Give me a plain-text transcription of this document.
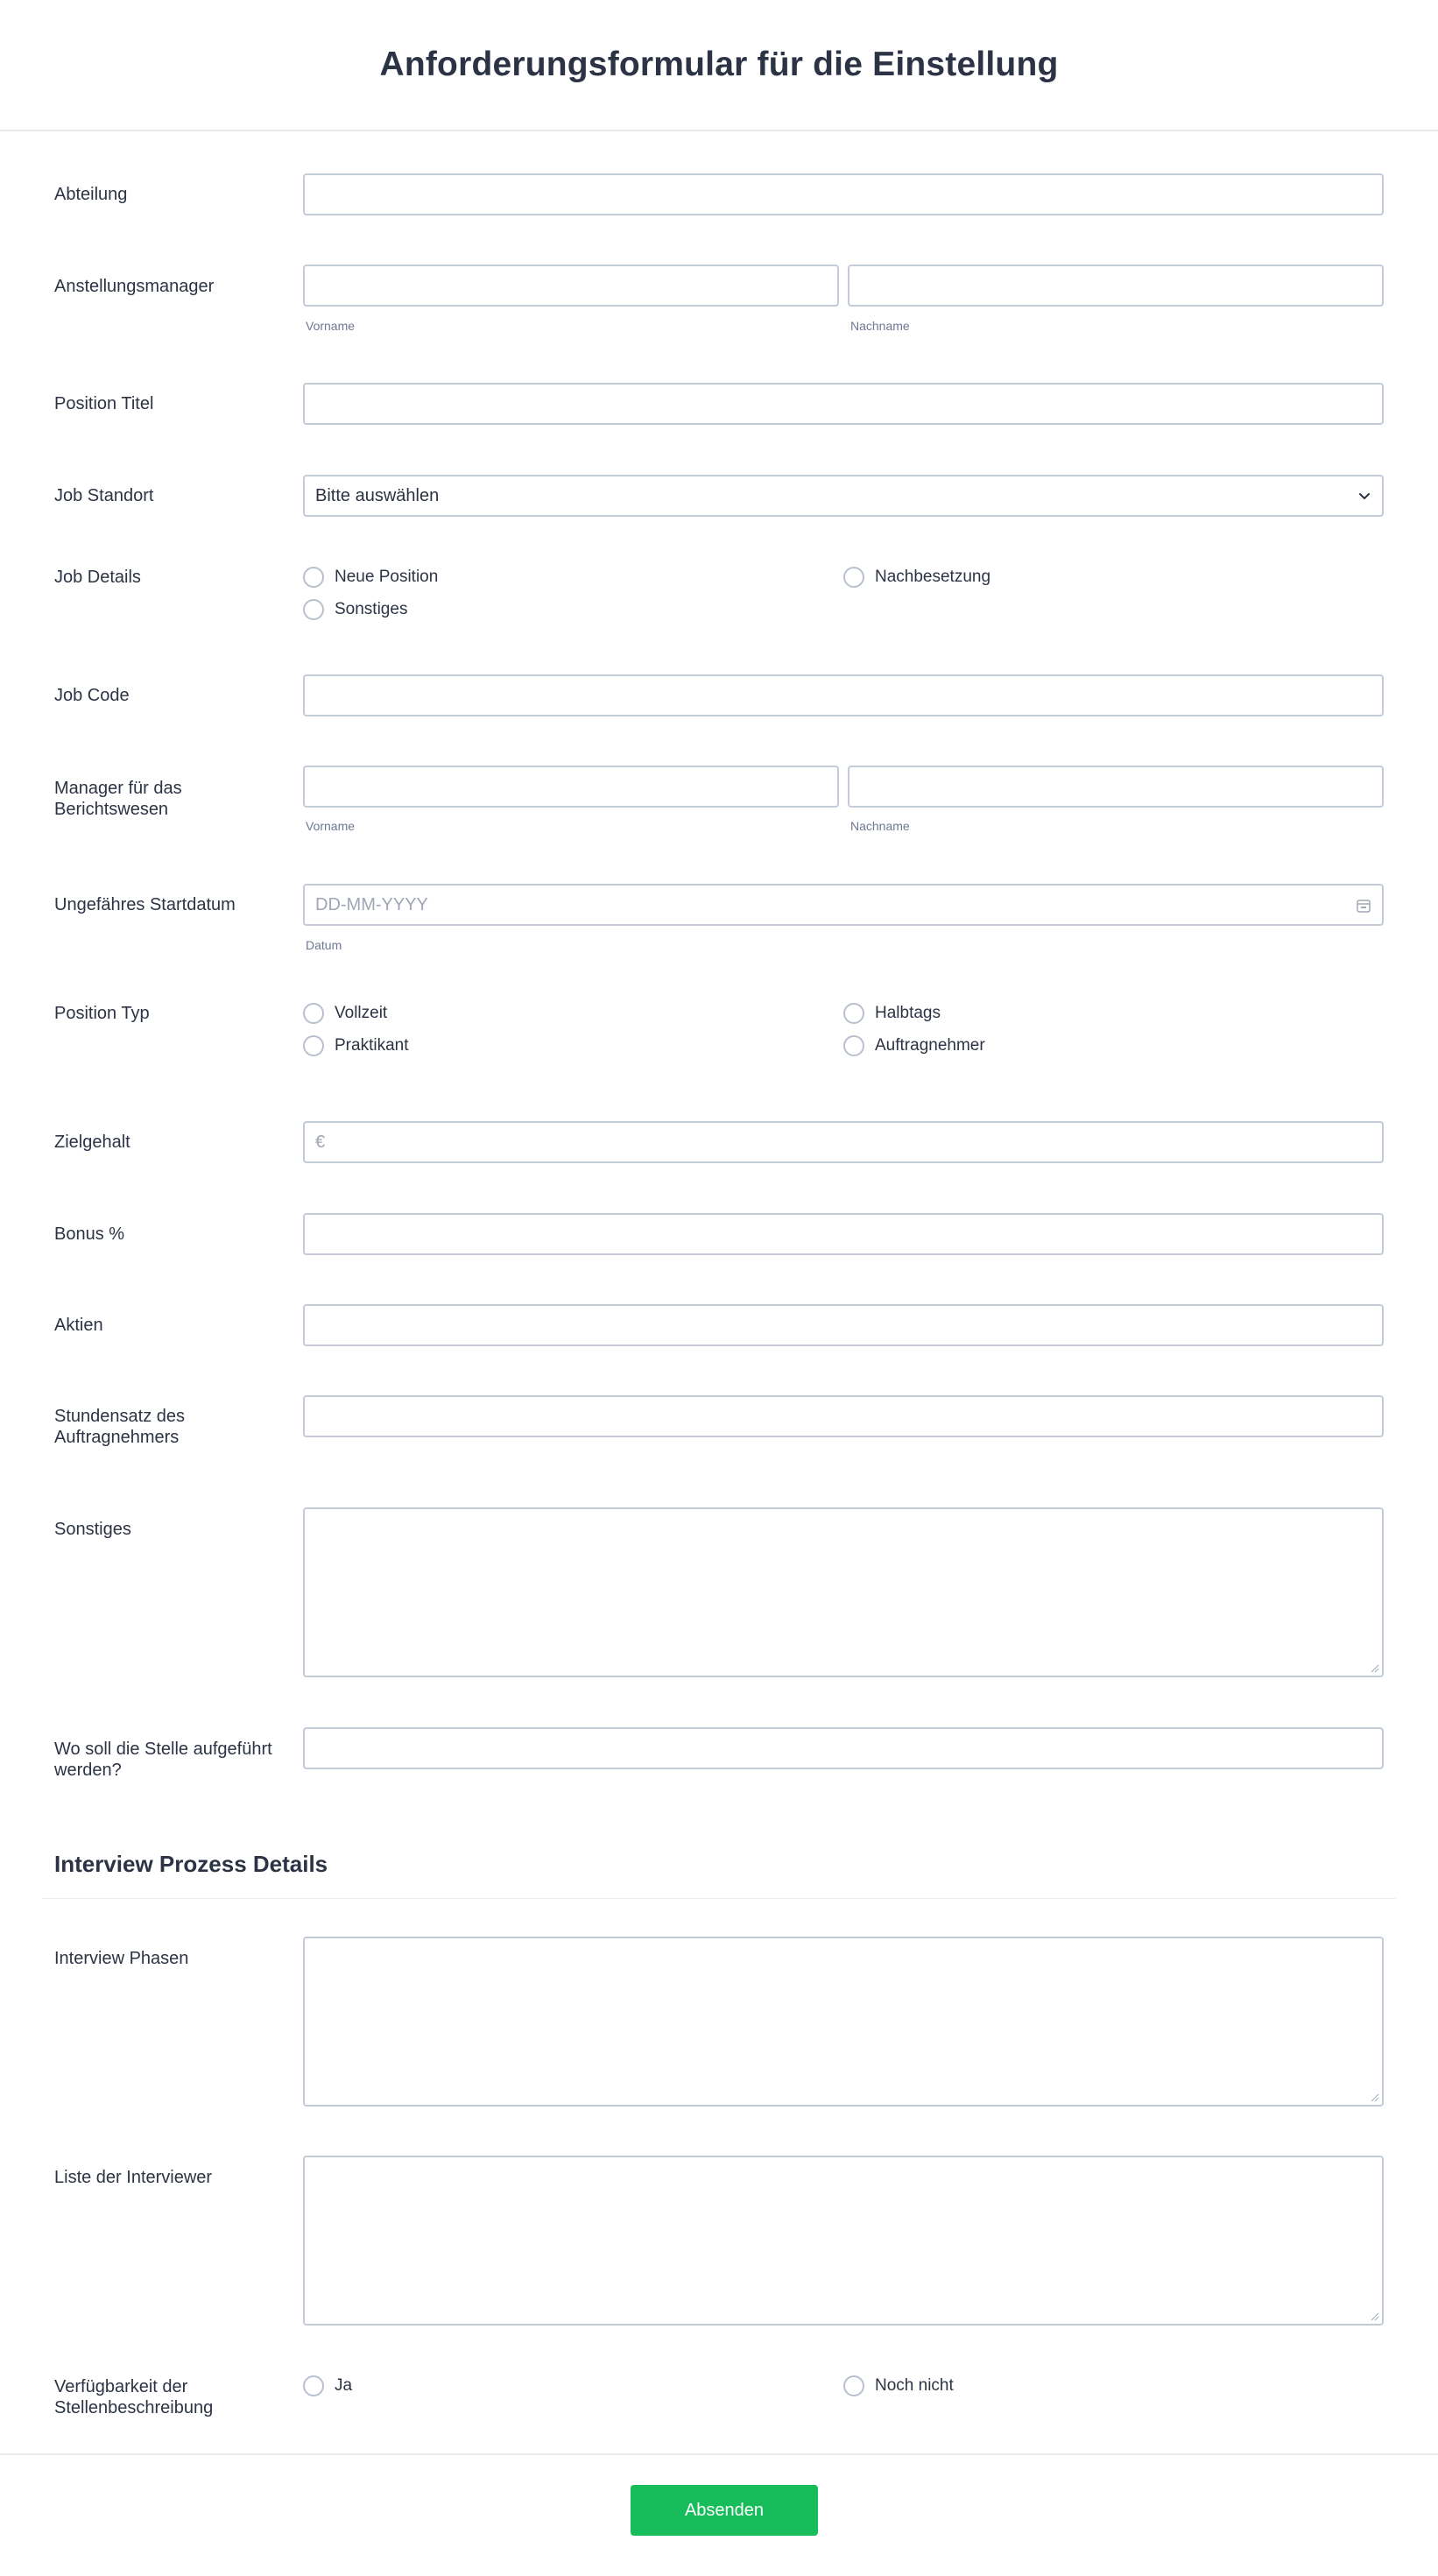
Anforderungsformular für die Einstellung
Abteilung
Anstellungsmanager
Vorname	Nachname
Position Titel
Job Standort	Bitte auswählen
Job Details	Neue Position	Nachbesetzung
Sonstiges
Job Code
Manager für das
Berichtswesen
Vorname	Nachname
Ungefähres Startdatum	DD-MM-YYYY
Datum
Position Typ	Vollzeit	Halbtags
Praktikant	Auftragnehmer
Zielgehalt	€
Bonus %
Aktien
Stundensatz des
Auftragnehmers
Sonstiges
Wo soll die Stelle aufgeführt
werden?
Interview Prozess Details
Interview Phasen
Liste der Interviewer
Verfügbarkeit der
Stellenbeschreibung
Ja	Noch nicht
Absenden
